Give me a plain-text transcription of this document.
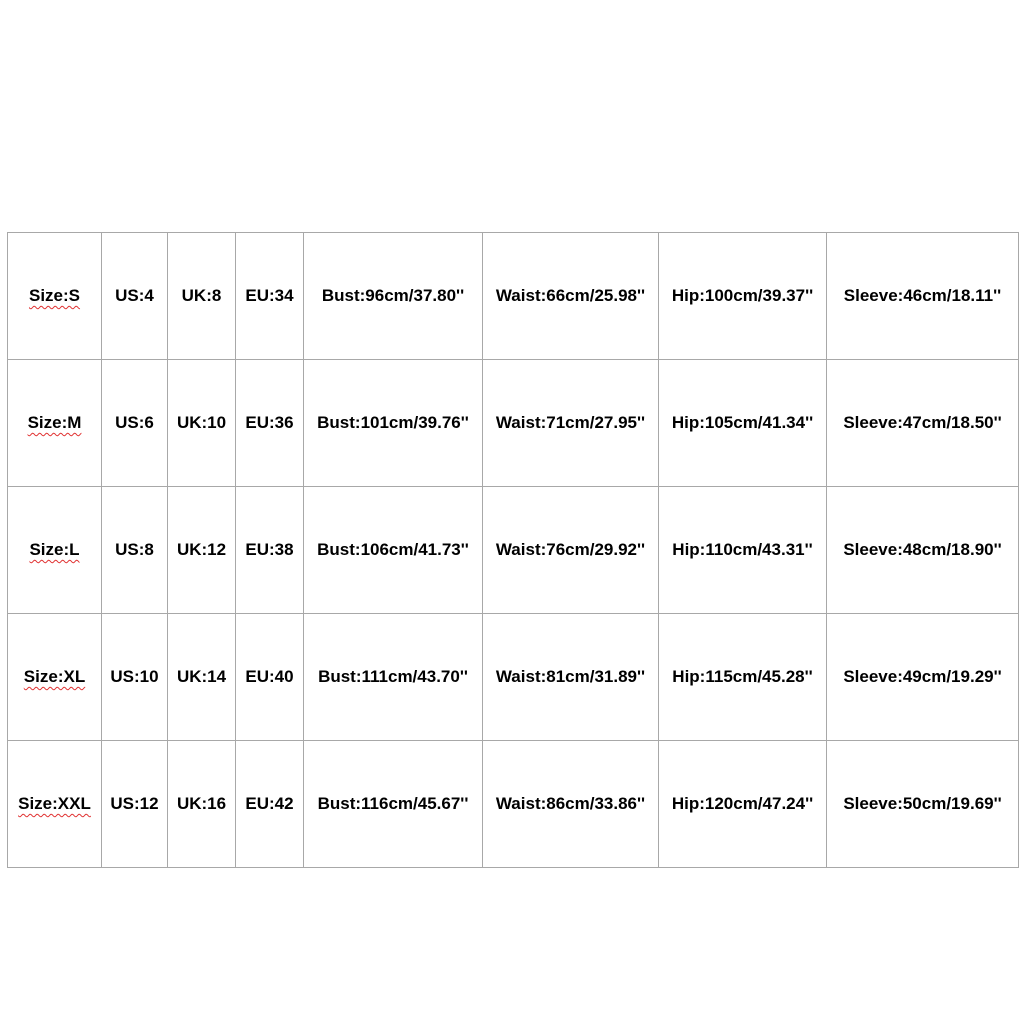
Size:S	US:4	UK:8	EU:34	Bust:96cm/37.80''	Waist:66cm/25.98''	Hip:100cm/39.37''	Sleeve:46cm/18.11''
Size:M	US:6	UK:10	EU:36	Bust:101cm/39.76''	Waist:71cm/27.95''	Hip:105cm/41.34''	Sleeve:47cm/18.50''
Size:L	US:8	UK:12	EU:38	Bust:106cm/41.73''	Waist:76cm/29.92''	Hip:110cm/43.31''	Sleeve:48cm/18.90''
Size:XL	US:10	UK:14	EU:40	Bust:111cm/43.70''	Waist:81cm/31.89''	Hip:115cm/45.28''	Sleeve:49cm/19.29''
Size:XXL	US:12	UK:16	EU:42	Bust:116cm/45.67''	Waist:86cm/33.86''	Hip:120cm/47.24''	Sleeve:50cm/19.69''
